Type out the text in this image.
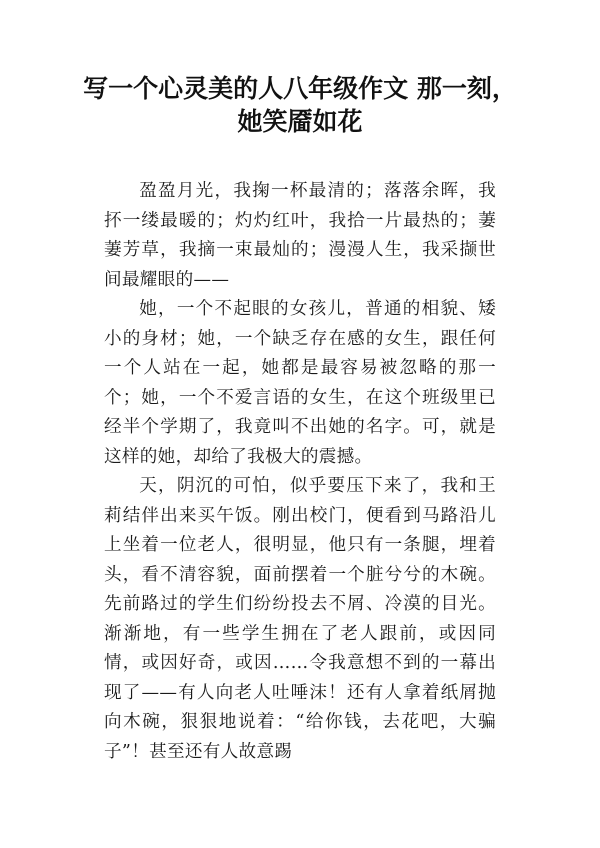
写一个心灵美的人八年级作文 那一刻，
她笑靥如花

盈盈月光，我掬一杯最清的；落落余晖，我抔一缕最暖的；灼灼红叶，我拾一片最热的；萋萋芳草，我摘一束最灿的；漫漫人生，我采撷世间最耀眼的——

她，一个不起眼的女孩儿，普通的相貌、矮小的身材；她，一个缺乏存在感的女生，跟任何一个人站在一起，她都是最容易被忽略的那一个；她，一个不爱言语的女生，在这个班级里已经半个学期了，我竟叫不出她的名字。可，就是这样的她，却给了我极大的震撼。

天，阴沉的可怕，似乎要压下来了，我和王莉结伴出来买午饭。刚出校门，便看到马路沿儿上坐着一位老人，很明显，他只有一条腿，埋着头，看不清容貌，面前摆着一个脏兮兮的木碗。先前路过的学生们纷纷投去不屑、冷漠的目光。渐渐地，有一些学生拥在了老人跟前，或因同情，或因好奇，或因……令我意想不到的一幕出现了——有人向老人吐唾沫！还有人拿着纸屑抛向木碗，狠狠地说着：“给你钱，去花吧，大骗子”！甚至还有人故意踢
